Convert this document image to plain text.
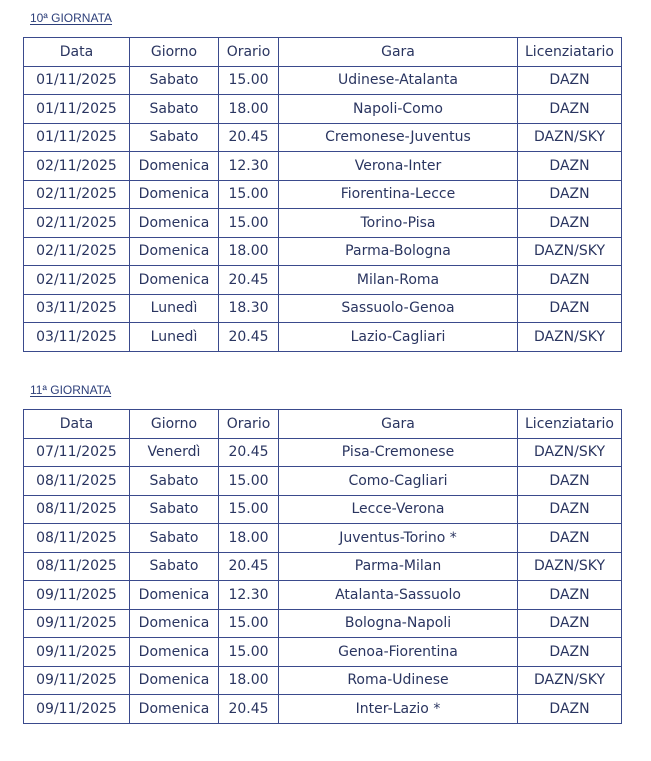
10ª GIORNATA
Data	Giorno	Orario	Gara	Licenziatario
01/11/2025	Sabato	15.00	Udinese-Atalanta	DAZN
01/11/2025	Sabato	18.00	Napoli-Como	DAZN
01/11/2025	Sabato	20.45	Cremonese-Juventus	DAZN/SKY
02/11/2025	Domenica	12.30	Verona-Inter	DAZN
02/11/2025	Domenica	15.00	Fiorentina-Lecce	DAZN
02/11/2025	Domenica	15.00	Torino-Pisa	DAZN
02/11/2025	Domenica	18.00	Parma-Bologna	DAZN/SKY
02/11/2025	Domenica	20.45	Milan-Roma	DAZN
03/11/2025	Lunedì	18.30	Sassuolo-Genoa	DAZN
03/11/2025	Lunedì	20.45	Lazio-Cagliari	DAZN/SKY
11ª GIORNATA
Data	Giorno	Orario	Gara	Licenziatario
07/11/2025	Venerdì	20.45	Pisa-Cremonese	DAZN/SKY
08/11/2025	Sabato	15.00	Como-Cagliari	DAZN
08/11/2025	Sabato	15.00	Lecce-Verona	DAZN
08/11/2025	Sabato	18.00	Juventus-Torino *	DAZN
08/11/2025	Sabato	20.45	Parma-Milan	DAZN/SKY
09/11/2025	Domenica	12.30	Atalanta-Sassuolo	DAZN
09/11/2025	Domenica	15.00	Bologna-Napoli	DAZN
09/11/2025	Domenica	15.00	Genoa-Fiorentina	DAZN
09/11/2025	Domenica	18.00	Roma-Udinese	DAZN/SKY
09/11/2025	Domenica	20.45	Inter-Lazio *	DAZN
